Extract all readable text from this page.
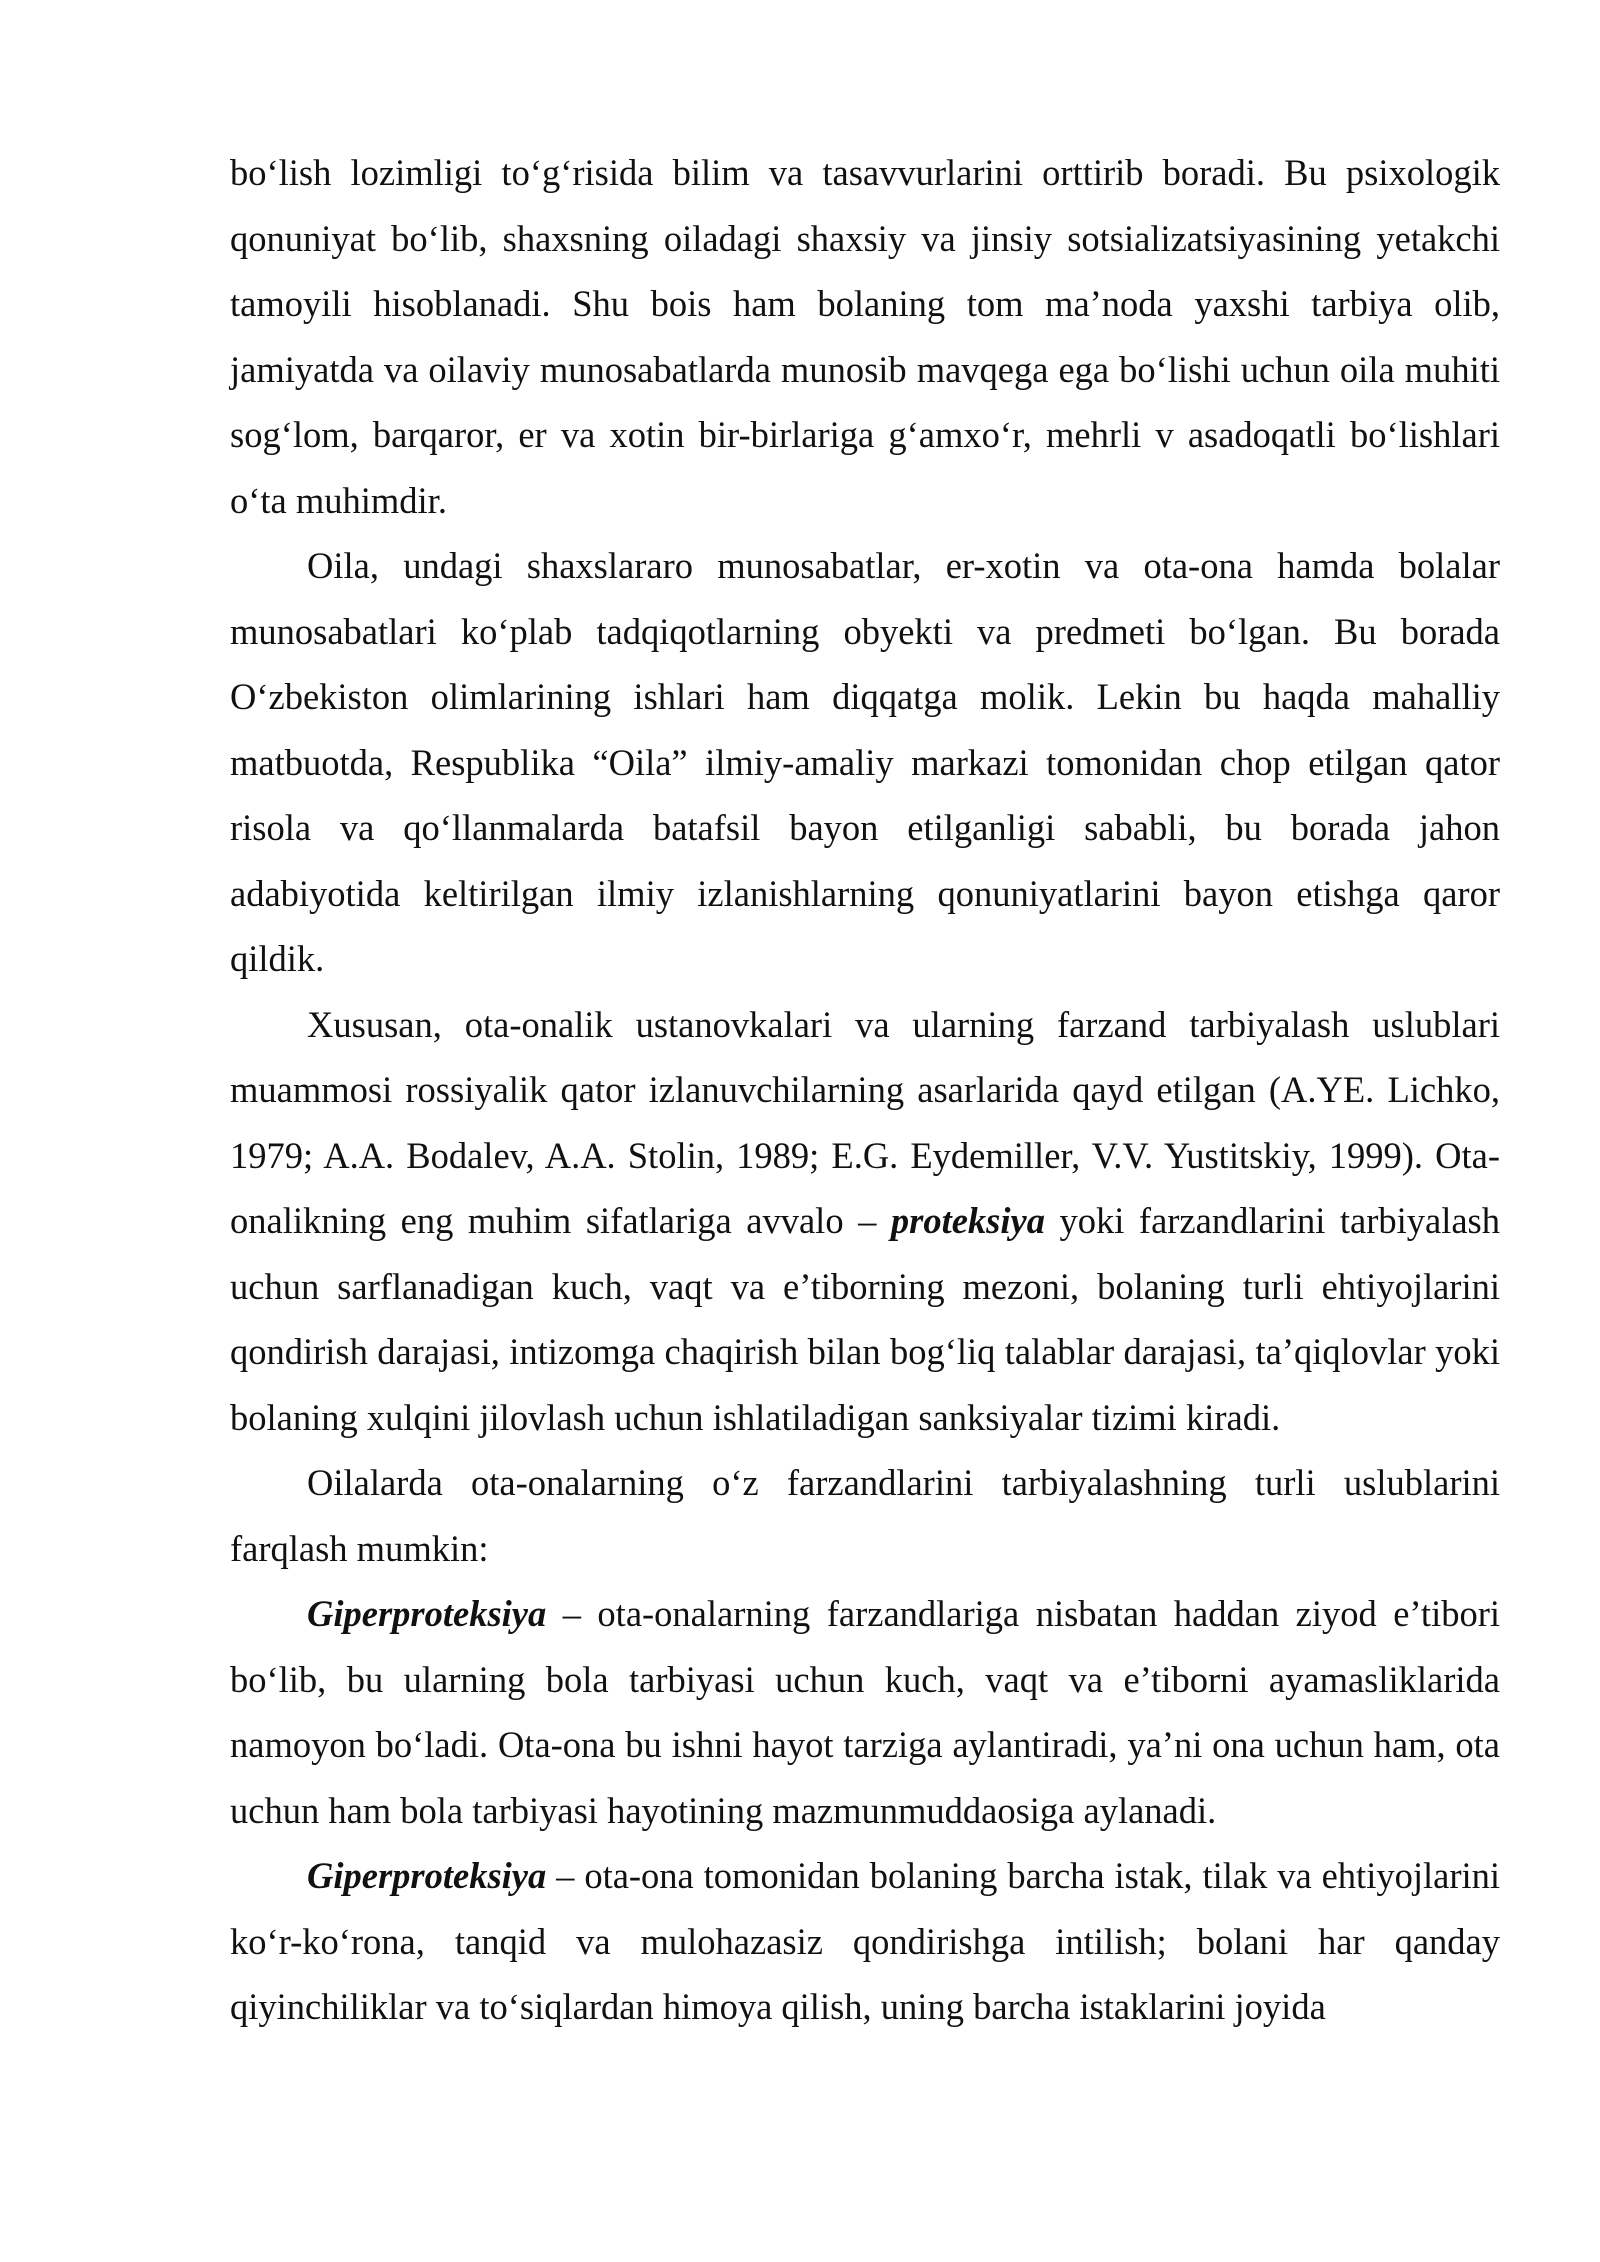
bo‘lish lozimligi to‘g‘risida bilim va tasavvurlarini orttirib boradi. Bu psixologik qonuniyat bo‘lib, shaxsning oiladagi shaxsiy va jinsiy sotsializatsiyasining yetakchi tamoyili hisoblanadi. Shu bois ham bolaning tom ma’noda yaxshi tarbiya olib, jamiyatda va oilaviy munosabatlarda munosib mavqega ega bo‘lishi uchun oila muhiti sog‘lom, barqaror, er va xotin bir-birlariga g‘amxo‘r, mehrli v asadoqatli bo‘lishlari o‘ta muhimdir.

Oila, undagi shaxslararo munosabatlar, er-xotin va ota-ona hamda bolalar munosabatlari ko‘plab tadqiqotlarning obyekti va predmeti bo‘lgan. Bu borada O‘zbekiston olimlarining ishlari ham diqqatga molik. Lekin bu haqda mahalliy matbuotda, Respublika “Oila” ilmiy-amaliy markazi tomonidan chop etilgan qator risola va qo‘llanmalarda batafsil bayon etilganligi sababli, bu borada jahon adabiyotida keltirilgan ilmiy izlanishlarning qonuniyatlarini bayon etishga qaror qildik.

Xususan, ota-onalik ustanovkalari va ularning farzand tarbiyalash uslublari muammosi rossiyalik qator izlanuvchilarning asarlarida qayd etilgan (A.YE. Lichko, 1979; A.A. Bodalev, A.A. Stolin, 1989; E.G. Eydemiller, V.V. Yustitskiy, 1999). Ota-onalikning eng muhim sifatlariga avvalo – proteksiya yoki farzandlarini tarbiyalash uchun sarflanadigan kuch, vaqt va e’tiborning mezoni, bolaning turli ehtiyojlarini qondirish darajasi, intizomga chaqirish bilan bog‘liq talablar darajasi, ta’qiqlovlar yoki bolaning xulqini jilovlash uchun ishlatiladigan sanksiyalar tizimi kiradi.

Oilalarda ota-onalarning o‘z farzandlarini tarbiyalashning turli uslublarini farqlash mumkin:

Giperproteksiya – ota-onalarning farzandlariga nisbatan haddan ziyod e’tibori bo‘lib, bu ularning bola tarbiyasi uchun kuch, vaqt va e’tiborni ayamasliklarida namoyon bo‘ladi. Ota-ona bu ishni hayot tarziga aylantiradi, ya’ni ona uchun ham, ota uchun ham bola tarbiyasi hayotining mazmunmuddaosiga aylanadi.

Giperproteksiya – ota-ona tomonidan bolaning barcha istak, tilak va ehtiyojlarini ko‘r-ko‘rona, tanqid va mulohazasiz qondirishga intilish; bolani har qanday qiyinchiliklar va to‘siqlardan himoya qilish, uning barcha istaklarini joyida
